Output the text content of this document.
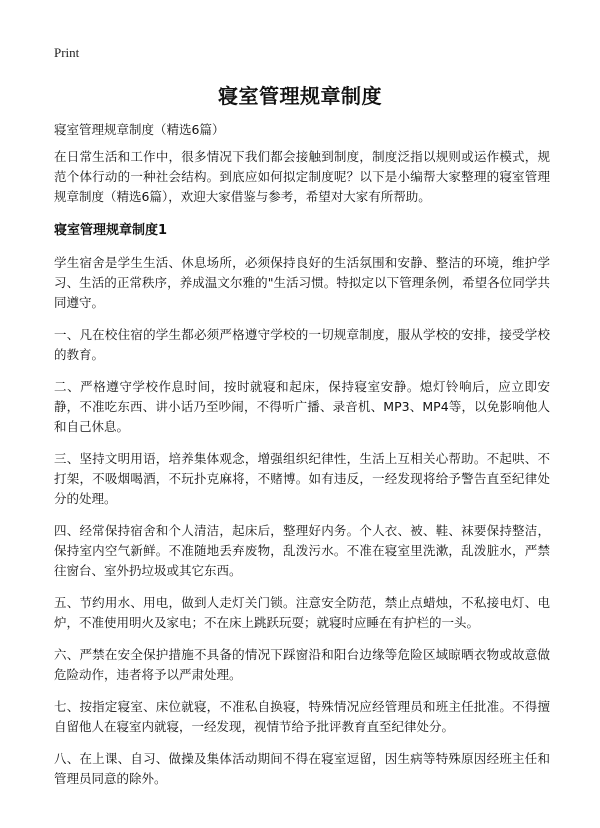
Print
寝室管理规章制度
寝室管理规章制度（精选6篇）

在日常生活和工作中，很多情况下我们都会接触到制度，制度泛指以规则或运作模式，规范个体行动的一种社会结构。到底应如何拟定制度呢？以下是小编帮大家整理的寝室管理规章制度（精选6篇），欢迎大家借鉴与参考，希望对大家有所帮助。

寝室管理规章制度1

学生宿舍是学生生活、休息场所，必须保持良好的生活氛围和安静、整洁的环境，维护学习、生活的正常秩序，养成温文尔雅的"生活习惯。特拟定以下管理条例，希望各位同学共同遵守。

一、凡在校住宿的学生都必须严格遵守学校的一切规章制度，服从学校的安排，接受学校的教育。

二、严格遵守学校作息时间，按时就寝和起床，保持寝室安静。熄灯铃响后，应立即安静，不准吃东西、讲小话乃至吵闹，不得听广播、录音机、MP3、MP4等，以免影响他人和自己休息。

三、坚持文明用语，培养集体观念，增强组织纪律性，生活上互相关心帮助。不起哄、不打架，不吸烟喝酒，不玩扑克麻将，不赌博。如有违反，一经发现将给予警告直至纪律处分的处理。

四、经常保持宿舍和个人清洁，起床后，整理好内务。个人衣、被、鞋、袜要保持整洁，保持室内空气新鲜。不准随地丢弃废物，乱泼污水。不准在寝室里洗漱，乱泼脏水，严禁往窗台、室外扔垃圾或其它东西。

五、节约用水、用电，做到人走灯关门锁。注意安全防范，禁止点蜡烛，不私接电灯、电炉，不准使用明火及家电；不在床上跳跃玩耍；就寝时应睡在有护栏的一头。

六、严禁在安全保护措施不具备的情况下踩窗沿和阳台边缘等危险区域晾晒衣物或故意做危险动作，违者将予以严肃处理。

七、按指定寝室、床位就寝，不准私自换寝，特殊情况应经管理员和班主任批准。不得擅自留他人在寝室内就寝，一经发现，视情节给予批评教育直至纪律处分。

八、在上课、自习、做操及集体活动期间不得在寝室逗留，因生病等特殊原因经班主任和管理员同意的除外。
